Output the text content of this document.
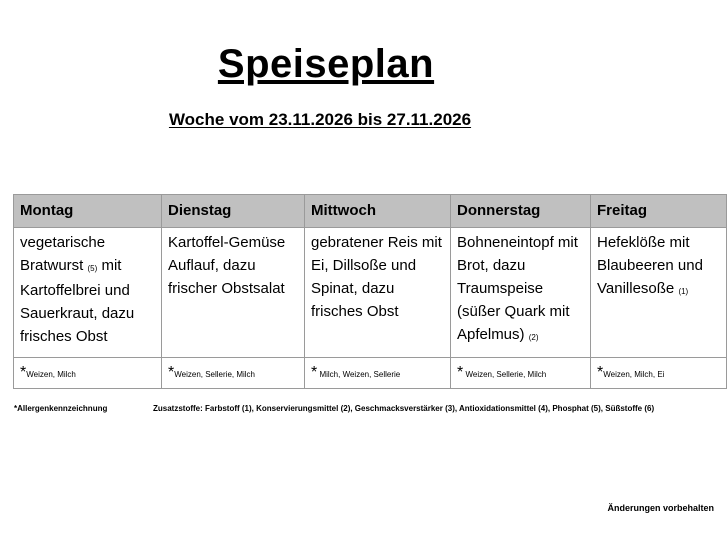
Speiseplan
Woche vom 23.11.2026 bis 27.11.2026
Montag	Dienstag	Mittwoch	Donnerstag	Freitag
vegetarische Bratwurst (5) mit Kartoffelbrei und Sauerkraut, dazu frisches Obst	Kartoffel-Gemüse Auflauf, dazu frischer Obstsalat	gebratener Reis mit Ei, Dillsoße und Spinat, dazu frisches Obst	Bohneneintopf mit Brot, dazu Traumspeise (süßer Quark mit Apfelmus) (2)	Hefeklöße mit Blaubeeren und Vanillesoße (1)
*Weizen, Milch	*Weizen, Sellerie, Milch	* Milch, Weizen, Sellerie	* Weizen, Sellerie, Milch	*Weizen, Milch, Ei
*Allergenkennzeichnung	Zusatzstoffe: Farbstoff (1), Konservierungsmittel (2), Geschmacksverstärker (3), Antioxidationsmittel (4), Phosphat (5), Süßstoffe (6)
Änderungen vorbehalten
